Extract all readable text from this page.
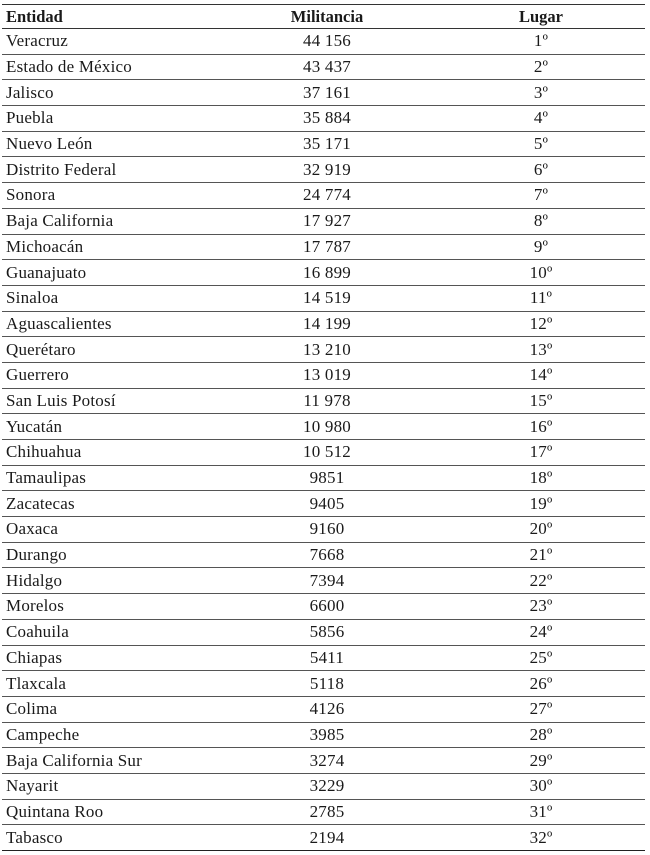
Entidad	Militancia	Lugar
Veracruz	44 156	1º
Estado de México	43 437	2º
Jalisco	37 161	3º
Puebla	35 884	4º
Nuevo León	35 171	5º
Distrito Federal	32 919	6º
Sonora	24 774	7º
Baja California	17 927	8º
Michoacán	17 787	9º
Guanajuato	16 899	10º
Sinaloa	14 519	11º
Aguascalientes	14 199	12º
Querétaro	13 210	13º
Guerrero	13 019	14º
San Luis Potosí	11 978	15º
Yucatán	10 980	16º
Chihuahua	10 512	17º
Tamaulipas	9851	18º
Zacatecas	9405	19º
Oaxaca	9160	20º
Durango	7668	21º
Hidalgo	7394	22º
Morelos	6600	23º
Coahuila	5856	24º
Chiapas	5411	25º
Tlaxcala	5118	26º
Colima	4126	27º
Campeche	3985	28º
Baja California Sur	3274	29º
Nayarit	3229	30º
Quintana Roo	2785	31º
Tabasco	2194	32º
